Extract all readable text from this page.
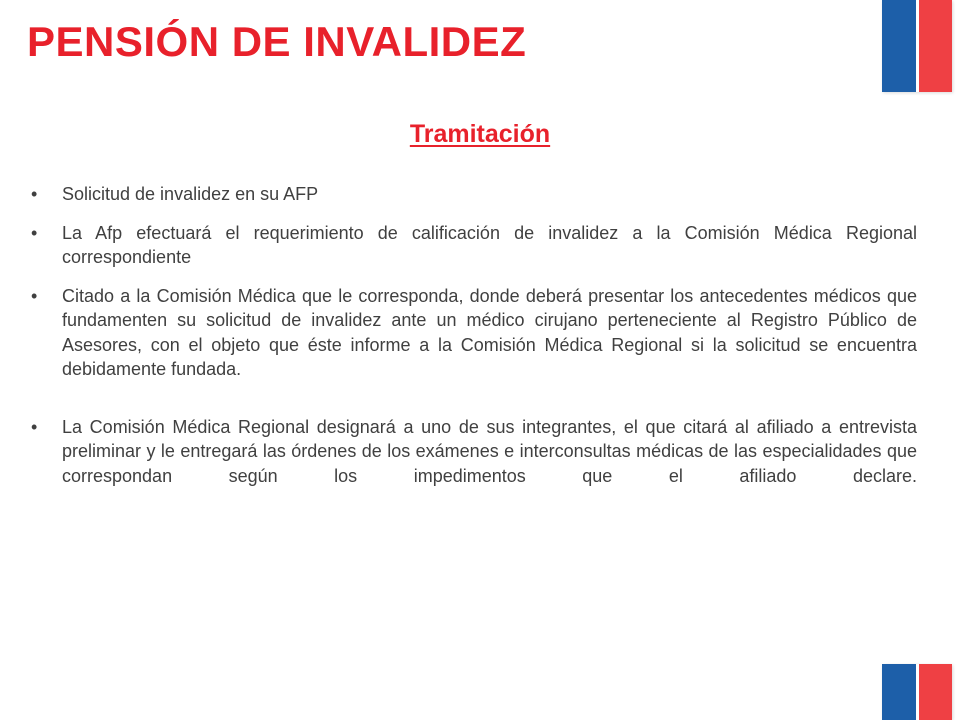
PENSIÓN DE INVALIDEZ
Tramitación
•	Solicitud de invalidez en su AFP
•	La Afp efectuará el requerimiento de calificación de invalidez a la Comisión Médica Regional correspondiente
•	Citado a la Comisión Médica que le corresponda, donde deberá presentar los antecedentes médicos que fundamenten su solicitud de invalidez ante un médico cirujano perteneciente al Registro Público de Asesores, con el objeto que éste informe a la Comisión Médica Regional si la solicitud se encuentra debidamente fundada.
•	La Comisión Médica Regional designará a uno de sus integrantes, el que citará al afiliado a entrevista preliminar y le entregará las órdenes de los exámenes e interconsultas médicas de las especialidades que correspondan según los impedimentos que el afiliado declare.
